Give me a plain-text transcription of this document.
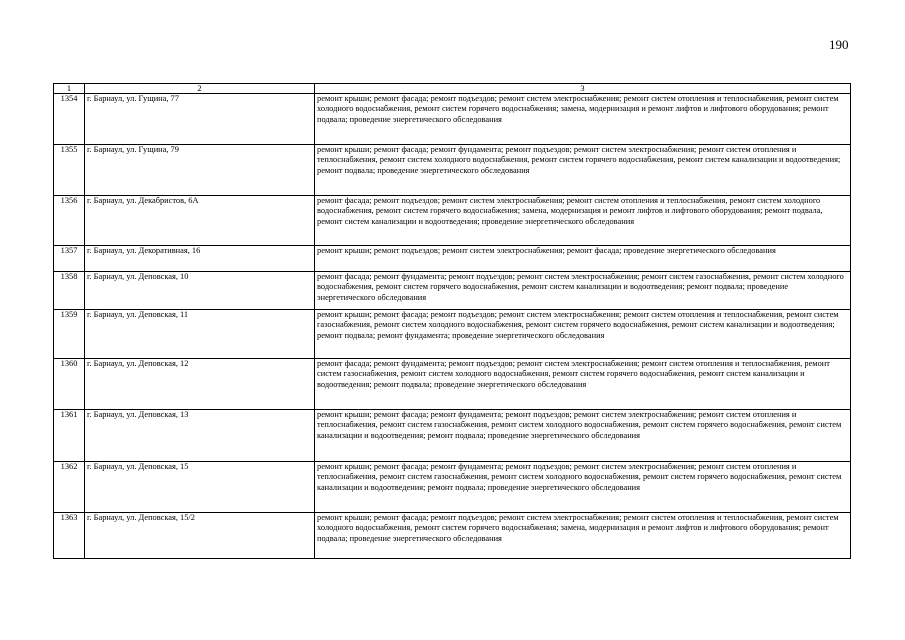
190
1	2	3
1354	г. Барнаул, ул. Гущина, 77	ремонт крыши; ремонт фасада; ремонт подъездов; ремонт систем электроснабжения; ремонт систем отопления и теплоснабжения, ремонт систем холодного водоснабжения, ремонт систем горячего водоснабжения; замена, модернизация и ремонт лифтов и лифтового оборудования; ремонт подвала; проведение энергетического обследования
1355	г. Барнаул, ул. Гущина, 79	ремонт крыши; ремонт фасада; ремонт фундамента; ремонт подъездов; ремонт систем электроснабжения; ремонт систем отопления и теплоснабжения, ремонт систем холодного водоснабжения, ремонт систем горячего водоснабжения, ремонт систем канализации и водоотведения; ремонт подвала; проведение энергетического обследования
1356	г. Барнаул, ул. Декабристов, 6А	ремонт фасада; ремонт подъездов; ремонт систем электроснабжения; ремонт систем отопления и теплоснабжения, ремонт систем холодного водоснабжения, ремонт систем горячего водоснабжения; замена, модернизация и ремонт лифтов и лифтового оборудования; ремонт подвала, ремонт систем канализации и водоотведения; проведение энергетического обследования
1357	г. Барнаул, ул. Декоративная, 16	ремонт крыши; ремонт подъездов; ремонт систем электроснабжения; ремонт фасада; проведение энергетического обследования
1358	г. Барнаул, ул. Деповская, 10	ремонт фасада; ремонт фундамента; ремонт подъездов; ремонт систем электроснабжения; ремонт систем газоснабжения, ремонт систем холодного водоснабжения, ремонт систем горячего водоснабжения, ремонт систем канализации и водоотведения; ремонт подвала; проведение энергетического обследования
1359	г. Барнаул, ул. Деповская, 11	ремонт крыши; ремонт фасада; ремонт подъездов; ремонт систем электроснабжения; ремонт систем отопления и теплоснабжения, ремонт систем газоснабжения, ремонт систем холодного водоснабжения, ремонт систем горячего водоснабжения, ремонт систем канализации и водоотведения; ремонт подвала; ремонт фундамента; проведение энергетического обследования
1360	г. Барнаул, ул. Деповская, 12	ремонт фасада; ремонт фундамента; ремонт подъездов; ремонт систем электроснабжения; ремонт систем отопления и теплоснабжения, ремонт систем газоснабжения, ремонт систем холодного водоснабжения, ремонт систем горячего водоснабжения, ремонт систем канализации и водоотведения; ремонт подвала; проведение энергетического обследования
1361	г. Барнаул, ул. Деповская, 13	ремонт крыши; ремонт фасада; ремонт фундамента; ремонт подъездов; ремонт систем электроснабжения; ремонт систем отопления и теплоснабжения, ремонт систем газоснабжения, ремонт систем холодного водоснабжения, ремонт систем горячего водоснабжения, ремонт систем канализации и водоотведения; ремонт подвала; проведение энергетического обследования
1362	г. Барнаул, ул. Деповская, 15	ремонт крыши; ремонт фасада; ремонт фундамента; ремонт подъездов; ремонт систем электроснабжения; ремонт систем отопления и теплоснабжения, ремонт систем газоснабжения, ремонт систем холодного водоснабжения, ремонт систем горячего водоснабжения, ремонт систем канализации и водоотведения; ремонт подвала; проведение энергетического обследования
1363	г. Барнаул, ул. Деповская, 15/2	ремонт крыши; ремонт фасада; ремонт подъездов; ремонт систем электроснабжения; ремонт систем отопления и теплоснабжения, ремонт систем холодного водоснабжения, ремонт систем горячего водоснабжения; замена, модернизация и ремонт лифтов и лифтового оборудования; ремонт подвала; проведение энергетического обследования
